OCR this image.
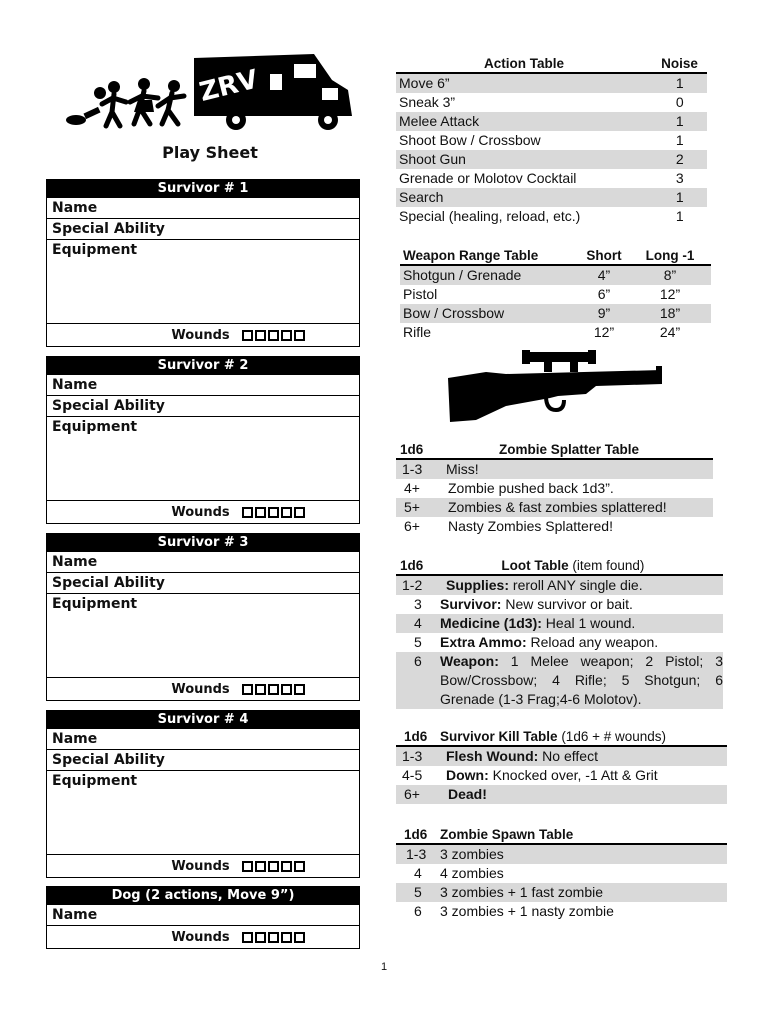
ZRV
Play Sheet
Survivor # 1
Name
Special Ability
Equipment
Wounds
Survivor # 2
Name
Special Ability
Equipment
Wounds
Survivor # 3
Name
Special Ability
Equipment
Wounds
Survivor # 4
Name
Special Ability
Equipment
Wounds
Dog (2 actions, Move 9”)
Name
Wounds
Action Table	Noise
Move 6”	1
Sneak 3”	0
Melee Attack	1
Shoot Bow / Crossbow	1
Shoot Gun	2
Grenade or Molotov Cocktail	3
Search	1
Special (healing, reload, etc.)	1
Weapon Range Table	Short	Long -1
Shotgun / Grenade	4”	8”
Pistol	6”	12”
Bow / Crossbow	9”	18”
Rifle	12”	24”
1d6	Zombie Splatter Table
1-3	Miss!
4+	Zombie pushed back 1d3”.
5+	Zombies & fast zombies splattered!
6+	Nasty Zombies Splattered!
1d6	Loot Table (item found)
1-2	Supplies: reroll ANY single die.
3	Survivor: New survivor or bait.
4	Medicine (1d3): Heal 1 wound.
5	Extra Ammo: Reload any weapon.
6	Weapon: 1 Melee weapon; 2 Pistol; 3 Bow/Crossbow; 4 Rifle; 5 Shotgun; 6 Grenade (1-3 Frag;4-6 Molotov).
1d6 Survivor Kill Table (1d6 + # wounds)
1-3	Flesh Wound: No effect
4-5	Down: Knocked over, -1 Att & Grit
6+	Dead!
1d6 Zombie Spawn Table
1-3 3 zombies
4	4 zombies
5	3 zombies + 1 fast zombie
6	3 zombies + 1 nasty zombie
1
